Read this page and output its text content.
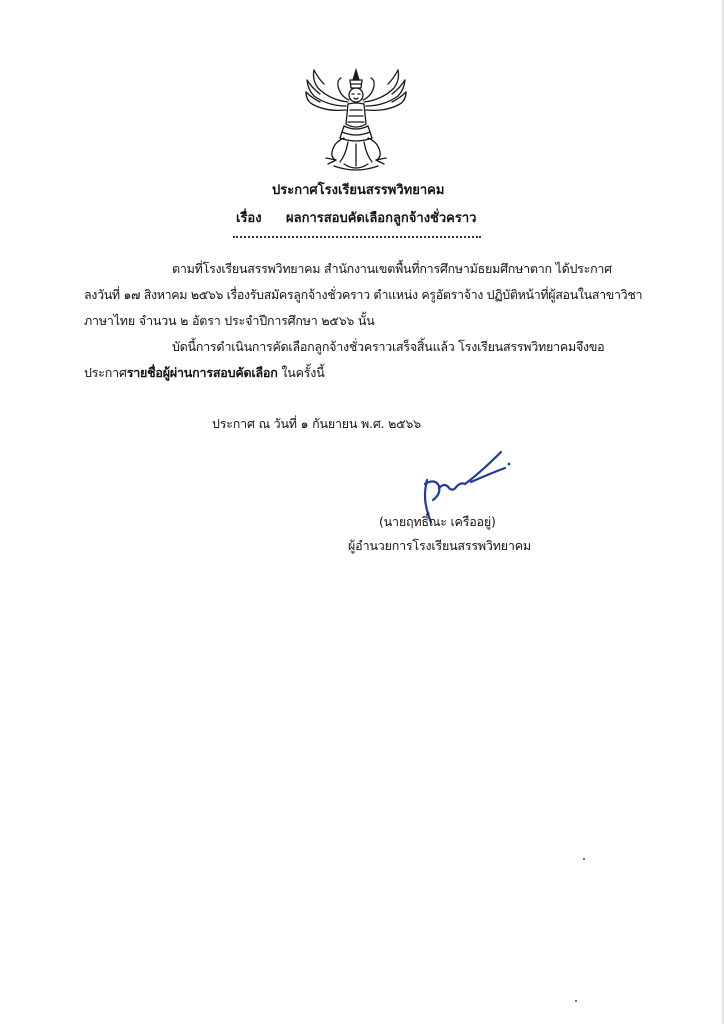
ประกาศโรงเรียนสรรพวิทยาคม
เรื่อง ผลการสอบคัดเลือกลูกจ้างชั่วคราว
ตามที่โรงเรียนสรรพวิทยาคม สำนักงานเขตพื้นที่การศึกษามัธยมศึกษาตาก ได้ประกาศ
ลงวันที่ ๑๗ สิงหาคม ๒๕๖๖ เรื่องรับสมัครลูกจ้างชั่วคราว ตำแหน่ง ครูอัตราจ้าง ปฏิบัติหน้าที่ผู้สอนในสาขาวิชา
ภาษาไทย จำนวน ๒ อัตรา ประจำปีการศึกษา ๒๕๖๖ นั้น
บัดนี้การดำเนินการคัดเลือกลูกจ้างชั่วคราวเสร็จสิ้นแล้ว โรงเรียนสรรพวิทยาคมจึงขอ
ประกาศรายชื่อผู้ผ่านการสอบคัดเลือก ในครั้งนี้
ประกาศ ณ วันที่ ๑ กันยายน พ.ศ. ๒๕๖๖
(นายฤทธิ์ณะ เครืออยู่)
ผู้อำนวยการโรงเรียนสรรพวิทยาคม
